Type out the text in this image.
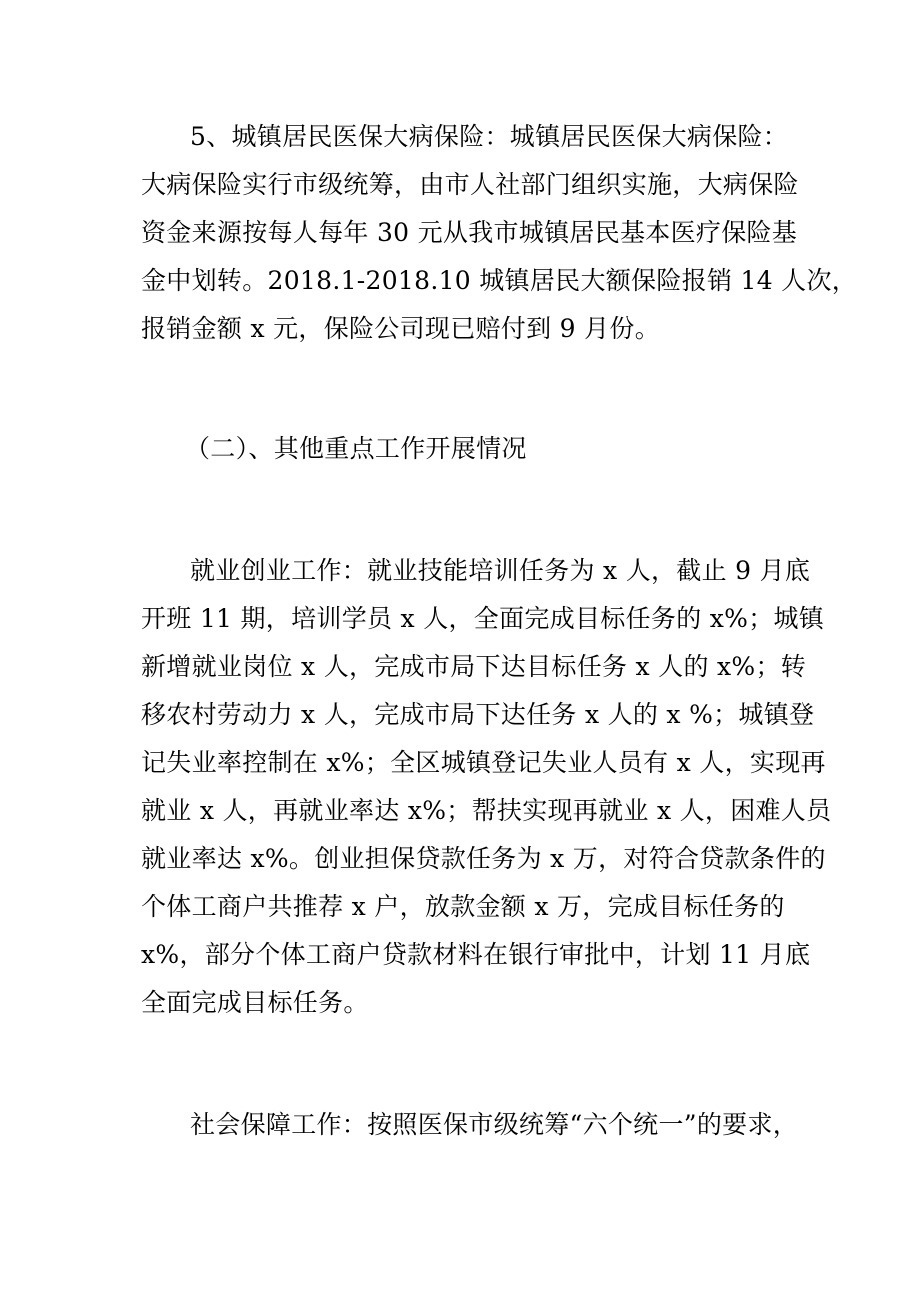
5、城镇居民医保大病保险：城镇居民医保大病保险：
大病保险实行市级统筹，由市人社部门组织实施，大病保险
资金来源按每人每年 30 元从我市城镇居民基本医疗保险基
金中划转。2018.1-2018.10 城镇居民大额保险报销 14 人次，
报销金额 x 元，保险公司现已赔付到 9 月份。
（二）、其他重点工作开展情况
就业创业工作：就业技能培训任务为 x 人，截止 9 月底
开班 11 期，培训学员 x 人，全面完成目标任务的 x%；城镇
新增就业岗位 x 人，完成市局下达目标任务 x 人的 x%；转
移农村劳动力 x 人，完成市局下达任务 x 人的 x %；城镇登
记失业率控制在 x%；全区城镇登记失业人员有 x 人，实现再
就业 x 人，再就业率达 x%；帮扶实现再就业 x 人，困难人员
就业率达 x%。创业担保贷款任务为 x 万，对符合贷款条件的
个体工商户共推荐 x 户，放款金额 x 万，完成目标任务的
x%，部分个体工商户贷款材料在银行审批中，计划 11 月底
全面完成目标任务。
社会保障工作：按照医保市级统筹“六个统一”的要求，
